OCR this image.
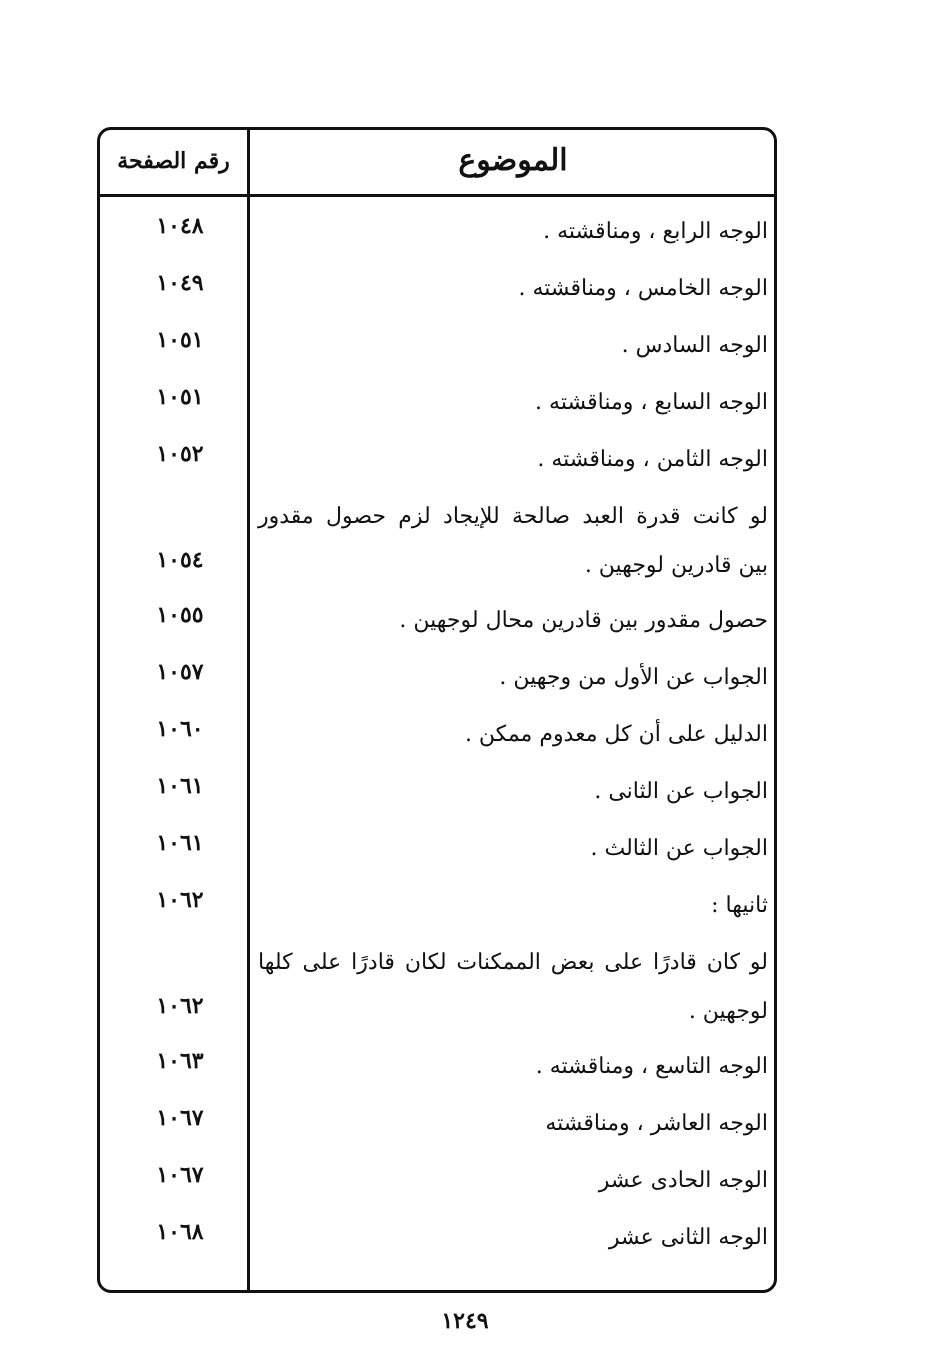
الموضوع
رقم الصفحة
الوجه الرابع ، ومناقشته .
١٠٤٨
الوجه الخامس ، ومناقشته .
١٠٤٩
الوجه السادس .
١٠٥١
الوجه السابع ، ومناقشته .
١٠٥١
الوجه الثامن ، ومناقشته .
١٠٥٢
لو كانت قدرة العبد صالحة للإيجاد لزم حصول مقدور
بين قادرين لوجهين .
١٠٥٤
حصول مقدور بين قادرين محال لوجهين .
١٠٥٥
الجواب عن الأول من وجهين .
١٠٥٧
الدليل على أن كل معدوم ممكن .
١٠٦٠
الجواب عن الثانى .
١٠٦١
الجواب عن الثالث .
١٠٦١
ثانيها :
١٠٦٢
لو كان قادرًا على بعض الممكنات لكان قادرًا على كلها
لوجهين .
١٠٦٢
الوجه التاسع ، ومناقشته .
١٠٦٣
الوجه العاشر ، ومناقشته
١٠٦٧
الوجه الحادى عشر
١٠٦٧
الوجه الثانى عشر
١٠٦٨
١٢٤٩
